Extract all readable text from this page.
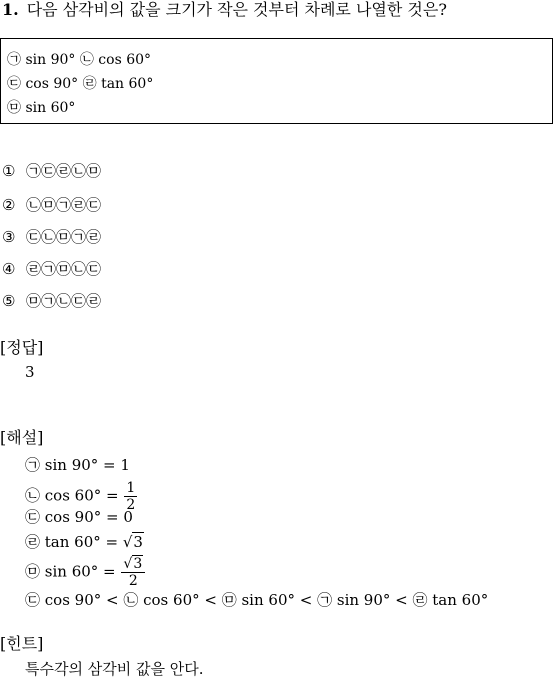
1. 다음 삼각비의 값을 크기가 작은 것부터 차례로 나열한 것은?
㉠ sin 90° ㉡ cos 60°
㉢ cos 90° ㉣ tan 60°
㉤ sin 60°
① ㉠㉢㉣㉡㉤
② ㉡㉤㉠㉣㉢
③ ㉢㉡㉤㉠㉣
④ ㉣㉠㉤㉡㉢
⑤ ㉤㉠㉡㉢㉣
[정답]
3
[해설]
㉠ sin 90° = 1
㉡ $\cos 60^\circ = \frac{1}{2}$
㉢ cos 90° = 0
㉣ tan 60° = √3
㉤ $\sin 60^\circ = \frac{√3}{2}$
㉢ cos 90° < ㉡ cos 60° < ㉤ sin 60° < ㉠ sin 90° < ㉣ tan 60°
[힌트]
특수각의 삼각비 값을 안다.
